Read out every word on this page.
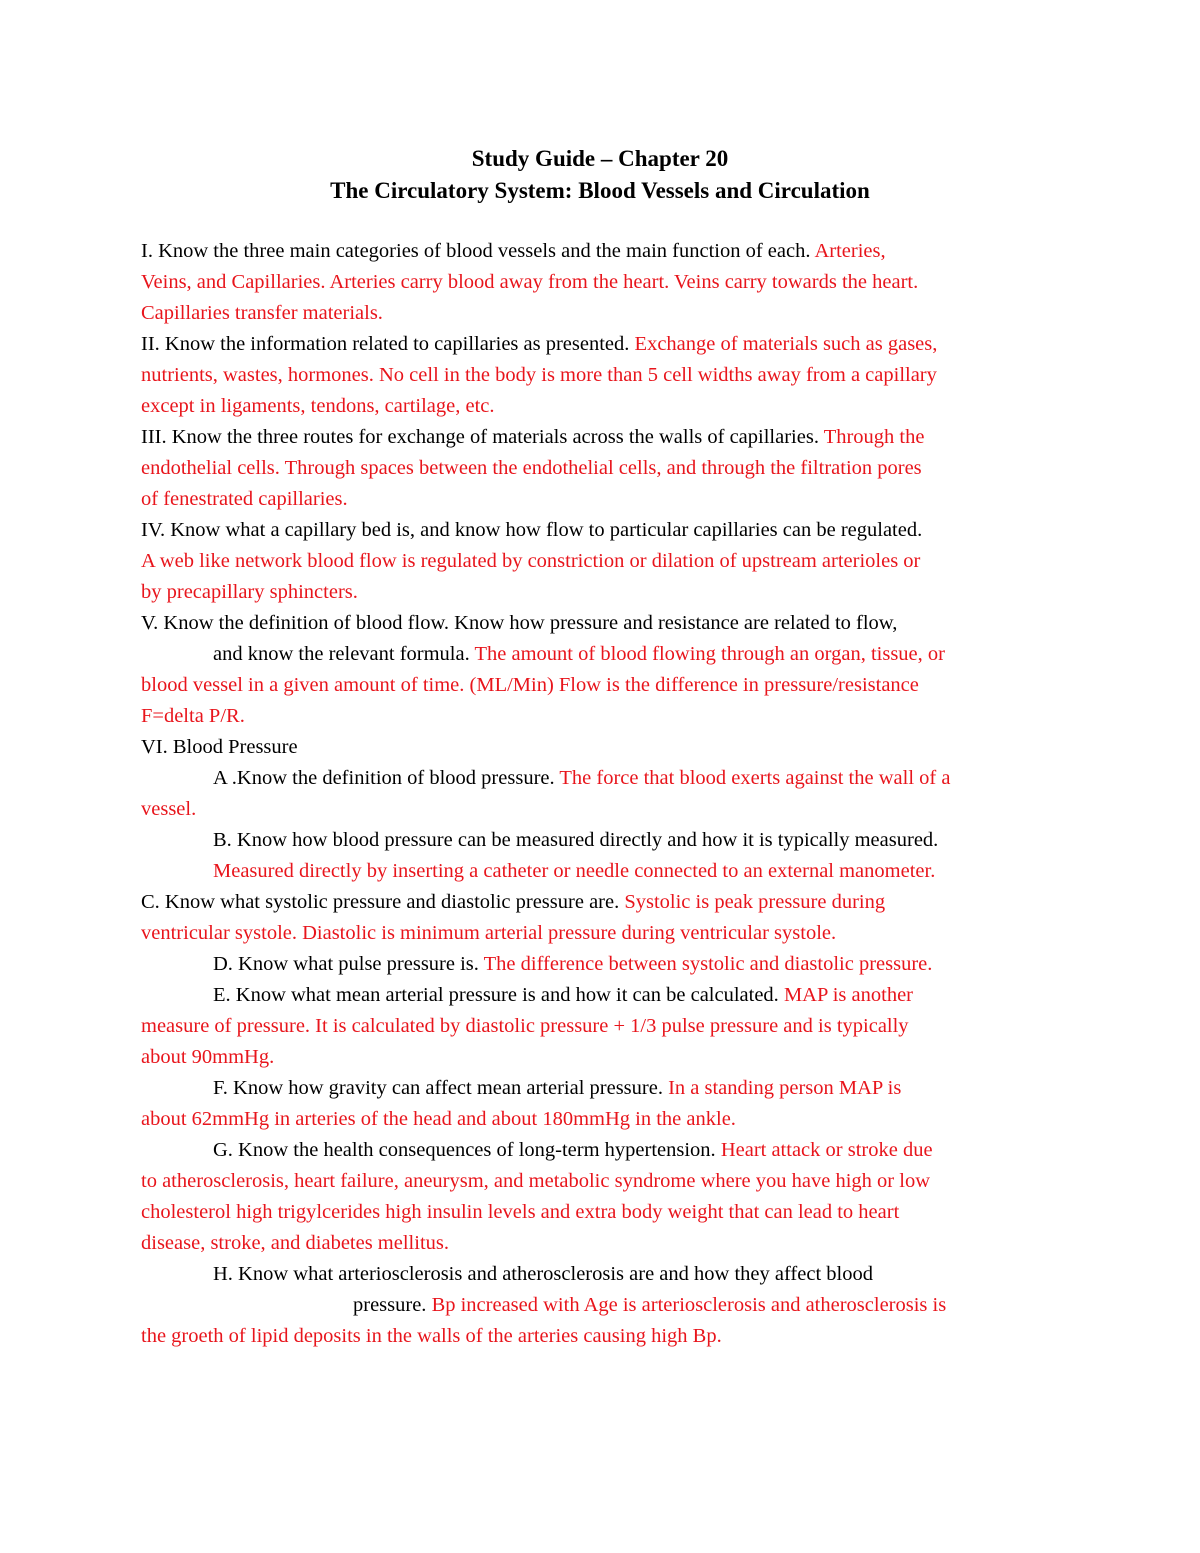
Study Guide – Chapter 20
The Circulatory System: Blood Vessels and Circulation
I. Know the three main categories of blood vessels and the main function of each. Arteries,
Veins, and Capillaries. Arteries carry blood away from the heart. Veins carry towards the heart.
Capillaries transfer materials.
II. Know the information related to capillaries as presented. Exchange of materials such as gases,
nutrients, wastes, hormones. No cell in the body is more than 5 cell widths away from a capillary
except in ligaments, tendons, cartilage, etc.
III. Know the three routes for exchange of materials across the walls of capillaries. Through the
endothelial cells. Through spaces between the endothelial cells, and through the filtration pores
of fenestrated capillaries.
IV. Know what a capillary bed is, and know how flow to particular capillaries can be regulated.
A web like network blood flow is regulated by constriction or dilation of upstream arterioles or
by precapillary sphincters.
V. Know the definition of blood flow. Know how pressure and resistance are related to flow,
and know the relevant formula. The amount of blood flowing through an organ, tissue, or
blood vessel in a given amount of time. (ML/Min) Flow is the difference in pressure/resistance
F=delta P/R.
VI. Blood Pressure
A .Know the definition of blood pressure. The force that blood exerts against the wall of a
vessel.
B. Know how blood pressure can be measured directly and how it is typically measured.
Measured directly by inserting a catheter or needle connected to an external manometer.
C. Know what systolic pressure and diastolic pressure are. Systolic is peak pressure during
ventricular systole. Diastolic is minimum arterial pressure during ventricular systole.
D. Know what pulse pressure is. The difference between systolic and diastolic pressure.
E. Know what mean arterial pressure is and how it can be calculated. MAP is another
measure of pressure. It is calculated by diastolic pressure + 1/3 pulse pressure and is typically
about 90mmHg.
F. Know how gravity can affect mean arterial pressure. In a standing person MAP is
about 62mmHg in arteries of the head and about 180mmHg in the ankle.
G. Know the health consequences of long-term hypertension. Heart attack or stroke due
to atherosclerosis, heart failure, aneurysm, and metabolic syndrome where you have high or low
cholesterol high trigylcerides high insulin levels and extra body weight that can lead to heart
disease, stroke, and diabetes mellitus.
H. Know what arteriosclerosis and atherosclerosis are and how they affect blood
pressure. Bp increased with Age is arteriosclerosis and atherosclerosis is
the groeth of lipid deposits in the walls of the arteries causing high Bp.
